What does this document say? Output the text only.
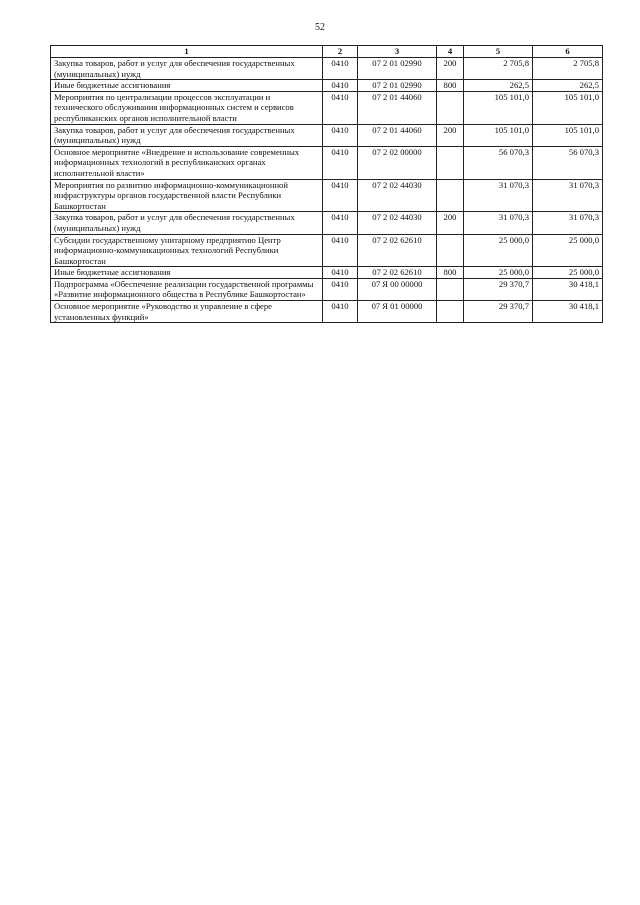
52
1	2	3	4	5	6
Закупка товаров, работ и услуг для обеспечения государственных (муниципальных) нужд	0410	07 2 01 02990	200	2 705,8	2 705,8
Иные бюджетные ассигнования	0410	07 2 01 02990	800	262,5	262,5
Мероприятия по централизации процессов эксплуатации и технического обслуживания информационных систем и сервисов республиканских органов исполнительной власти	0410	07 2 01 44060		105 101,0	105 101,0
Закупка товаров, работ и услуг для обеспечения государственных (муниципальных) нужд	0410	07 2 01 44060	200	105 101,0	105 101,0
Основное мероприятие «Внедрение и использование современных информационных технологий в республиканских органах исполнительной власти»	0410	07 2 02 00000		56 070,3	56 070,3
Мероприятия по развитию информационно-коммуникационной инфраструктуры органов государственной власти Республики Башкортостан	0410	07 2 02 44030		31 070,3	31 070,3
Закупка товаров, работ и услуг для обеспечения государственных (муниципальных) нужд	0410	07 2 02 44030	200	31 070,3	31 070,3
Субсидии государственному унитарному предприятию Центр информационно-коммуникационных технологий Республики Башкортостан	0410	07 2 02 62610		25 000,0	25 000,0
Иные бюджетные ассигнования	0410	07 2 02 62610	800	25 000,0	25 000,0
Подпрограмма «Обеспечение реализации государственной программы «Развитие информационного общества в Республике Башкортостан»	0410	07 Я 00 00000		29 370,7	30 418,1
Основное мероприятие «Руководство и управление в сфере установленных функций»	0410	07 Я 01 00000		29 370,7	30 418,1
